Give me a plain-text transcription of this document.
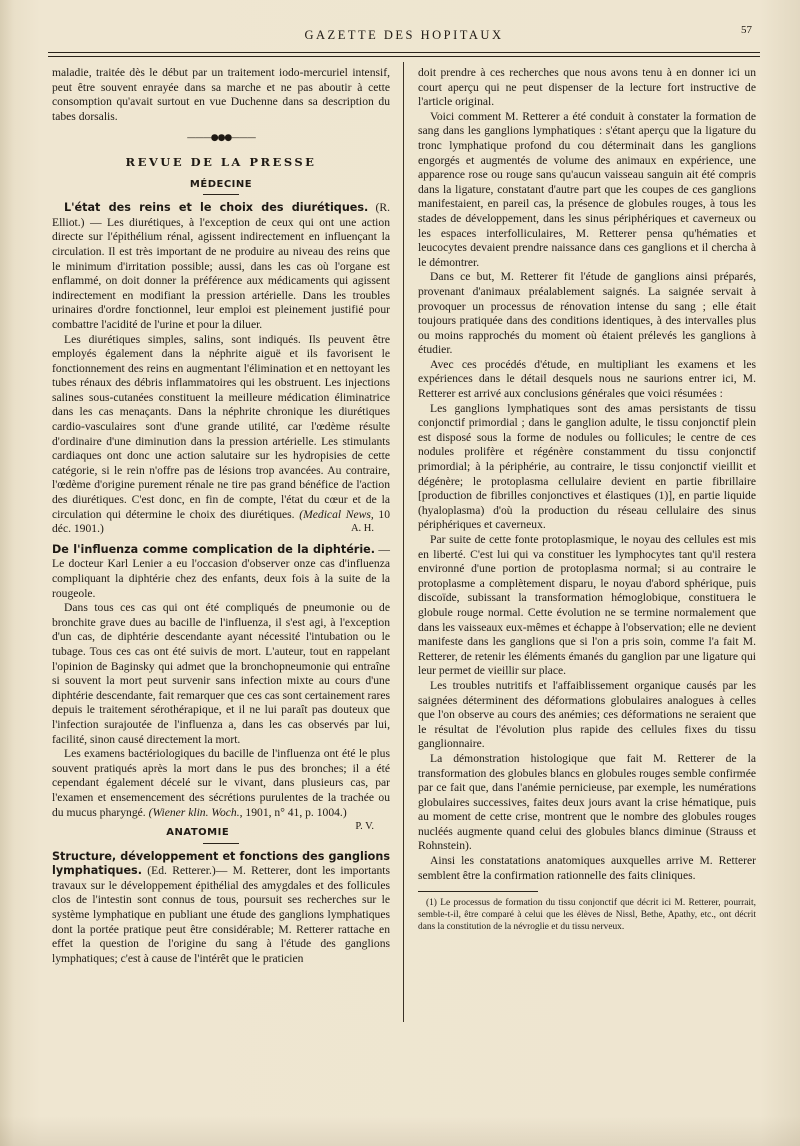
GAZETTE DES HOPITAUX	57

maladie, traitée dès le début par un traitement iodo-mercuriel intensif, peut être souvent enrayée dans sa marche et ne pas aboutir à cette consomption qu'avait surtout en vue Duchenne dans sa description du tabes dorsalis.

———●●●———
REVUE DE LA PRESSE
MÉDECINE

L'état des reins et le choix des diurétiques. (R. Elliot.) — Les diurétiques, à l'exception de ceux qui ont une action directe sur l'épithélium rénal, agissent indirectement en influençant la circulation. Il est très important de ne produire au niveau des reins que le minimum d'irritation possible; aussi, dans les cas où l'organe est enflammé, on doit donner la préférence aux médicaments qui agissent indirectement en modifiant la pression artérielle. Dans les troubles urinaires d'ordre fonctionnel, leur emploi est pleinement justifié pour combattre l'acidité de l'urine et pour la diluer.

Les diurétiques simples, salins, sont indiqués. Ils peuvent être employés également dans la néphrite aiguë et ils favorisent le fonctionnement des reins en augmentant l'élimination et en nettoyant les tubes rénaux des débris inflammatoires qui les obstruent. Les injections salines sous-cutanées constituent la meilleure médication éliminatrice dans les cas menaçants. Dans la néphrite chronique les diurétiques cardio-vasculaires sont d'une grande utilité, car l'œdème résulte d'ordinaire d'une diminution dans la pression artérielle. Les stimulants cardiaques ont donc une action salutaire sur les hydropisies de cette catégorie, si le rein n'offre pas de lésions trop avancées. Au contraire, l'œdème d'origine purement rénale ne tire pas grand bénéfice de l'action des diurétiques. C'est donc, en fin de compte, l'état du cœur et de la circulation qui détermine le choix des diurétiques. (Medical News, 10 déc. 1901.)	A. H.

De l'influenza comme complication de la diphtérie. — Le docteur Karl Lenier a eu l'occasion d'observer onze cas d'influenza compliquant la diphtérie chez des enfants, deux fois à la suite de la rougeole.

Dans tous ces cas qui ont été compliqués de pneumonie ou de bronchite grave dues au bacille de l'influenza, il s'est agi, à l'exception d'un cas, de diphtérie descendante ayant nécessité l'intubation ou le tubage. Tous ces cas ont été suivis de mort. L'auteur, tout en rappelant l'opinion de Baginsky qui admet que la bronchopneumonie qui entraîne si souvent la mort peut survenir sans infection mixte au cours d'une diphtérie descendante, fait remarquer que ces cas sont certainement rares depuis le traitement sérothérapique, et il ne lui paraît pas douteux que l'infection surajoutée de l'influenza a, dans les cas observés par lui, facilité, sinon causé directement la mort.

Les examens bactériologiques du bacille de l'influenza ont été le plus souvent pratiqués après la mort dans le pus des bronches; il a été cependant également décelé sur le vivant, dans plusieurs cas, par l'examen et ensemencement des sécrétions purulentes de la trachée ou du mucus pharyngé. (Wiener klin. Woch., 1901, n° 41, p. 1004.)
P. V.

ANATOMIE

Structure, développement et fonctions des ganglions lymphatiques. (Ed. Retterer.)— M. Retterer, dont les importants travaux sur le développement épithélial des amygdales et des follicules clos de l'intestin sont connus de tous, poursuit ses recherches sur le système lymphatique en publiant une étude des ganglions lymphatiques dont la portée pratique peut être considérable; M. Retterer rattache en effet la question de l'origine du sang à l'étude des ganglions lymphatiques; c'est à cause de l'intérêt que le praticien

doit prendre à ces recherches que nous avons tenu à en donner ici un court aperçu qui ne peut dispenser de la lecture fort instructive de l'article original.

Voici comment M. Retterer a été conduit à constater la formation de sang dans les ganglions lymphatiques : s'étant aperçu que la ligature du tronc lymphatique profond du cou déterminait dans les ganglions engorgés et augmentés de volume des animaux en expérience, une apparence rose ou rouge sans qu'aucun vaisseau sanguin ait été compris dans la ligature, constatant d'autre part que les coupes de ces ganglions manifestaient, en pareil cas, la présence de globules rouges, à tous les stades de développement, dans les sinus périphériques et caverneux ou les espaces interfolliculaires, M. Retterer pensa qu'hématies et leucocytes devaient prendre naissance dans ces ganglions et il chercha à le démontrer.

Dans ce but, M. Retterer fit l'étude de ganglions ainsi préparés, provenant d'animaux préalablement saignés. La saignée servait à provoquer un processus de rénovation intense du sang ; elle était toujours pratiquée dans des conditions identiques, à des intervalles plus ou moins rapprochés du moment où étaient prélevés les ganglions à étudier.

Avec ces procédés d'étude, en multipliant les examens et les expériences dans le détail desquels nous ne saurions entrer ici, M. Retterer est arrivé aux conclusions générales que voici résumées :

Les ganglions lymphatiques sont des amas persistants de tissu conjonctif primordial ; dans le ganglion adulte, le tissu conjonctif plein est disposé sous la forme de nodules ou follicules; le centre de ces nodules prolifère et régénère constamment du tissu conjonctif primordial; à la périphérie, au contraire, le tissu conjonctif vieillit et dégénère; le protoplasma cellulaire devient en partie fibrillaire [production de fibrilles conjonctives et élastiques (1)], en partie liquide (hyaloplasma) d'où la production du réseau cellulaire des sinus périphériques et caverneux.

Par suite de cette fonte protoplasmique, le noyau des cellules est mis en liberté. C'est lui qui va constituer les lymphocytes tant qu'il restera environné d'une portion de protoplasma normal; si au contraire le protoplasme a complètement disparu, le noyau d'abord sphérique, puis discoïde, subissant la transformation hémoglobique, constituera le globule rouge normal. Cette évolution ne se termine normalement que dans les vaisseaux eux-mêmes et échappe à l'observation; elle ne devient manifeste dans les ganglions que si l'on a pris soin, comme l'a fait M. Retterer, de retenir les éléments émanés du ganglion par une ligature qui leur permet de vieillir sur place.

Les troubles nutritifs et l'affaiblissement organique causés par les saignées déterminent des déformations globulaires analogues à celles que l'on observe au cours des anémies; ces déformations ne seraient que le résultat de l'évolution plus rapide des cellules fixes du tissu ganglionnaire.

La démonstration histologique que fait M. Retterer de la transformation des globules blancs en globules rouges semble confirmée par ce fait que, dans l'anémie pernicieuse, par exemple, les numérations globulaires successives, faites deux jours avant la crise hématique, puis au moment de cette crise, montrent que le nombre des globules rouges nucléés augmente quand celui des globules blancs diminue (Strauss et Rohnstein).

Ainsi les constatations anatomiques auxquelles arrive M. Retterer semblent être la confirmation rationnelle des faits cliniques.

(1) Le processus de formation du tissu conjonctif que décrit ici M. Retterer, pourrait, semble-t-il, être comparé à celui que les élèves de Nissl, Bethe, Apathy, etc., ont décrit dans la constitution de la névroglie et du tissu nerveux.
